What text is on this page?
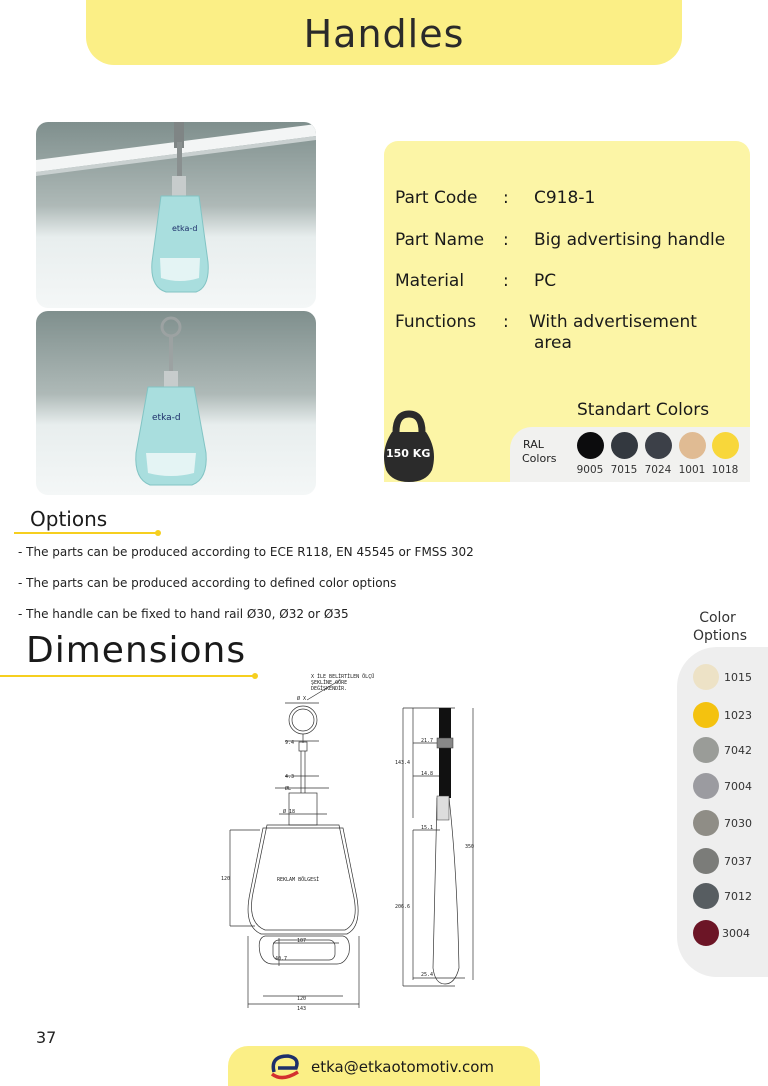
Handles
etka-d
etka-d
Part Code : C918-1
Part Name : Big advertising handle
Material : PC
Functions : With advertisement
area
Standart Colors
150 KG
RAL
Colors
9005 7015 7024 1001 1018
Options
- The parts can be produced according to ECE R118, EN 45545 or FMSS 302
- The parts can be produced according to defined color options
- The handle can be fixed to hand rail Ø30, Ø32 or Ø35
Dimensions
X İLE BELİRTİLEN ÖLÇÜ
ŞEKLİNE GÖRE
DEĞİŞKENDİR.
Ø X
9.4
4.3
ØL
Ø 18
REKLAM BÖLGESİ
120
107
40.7
120
143
21.7
143.4
14.8
15.1
350
206.6
25.4
Color
Options
1015
1023
7042
7004
7030
7037
7012
3004
37
etka@etkaotomotiv.com
